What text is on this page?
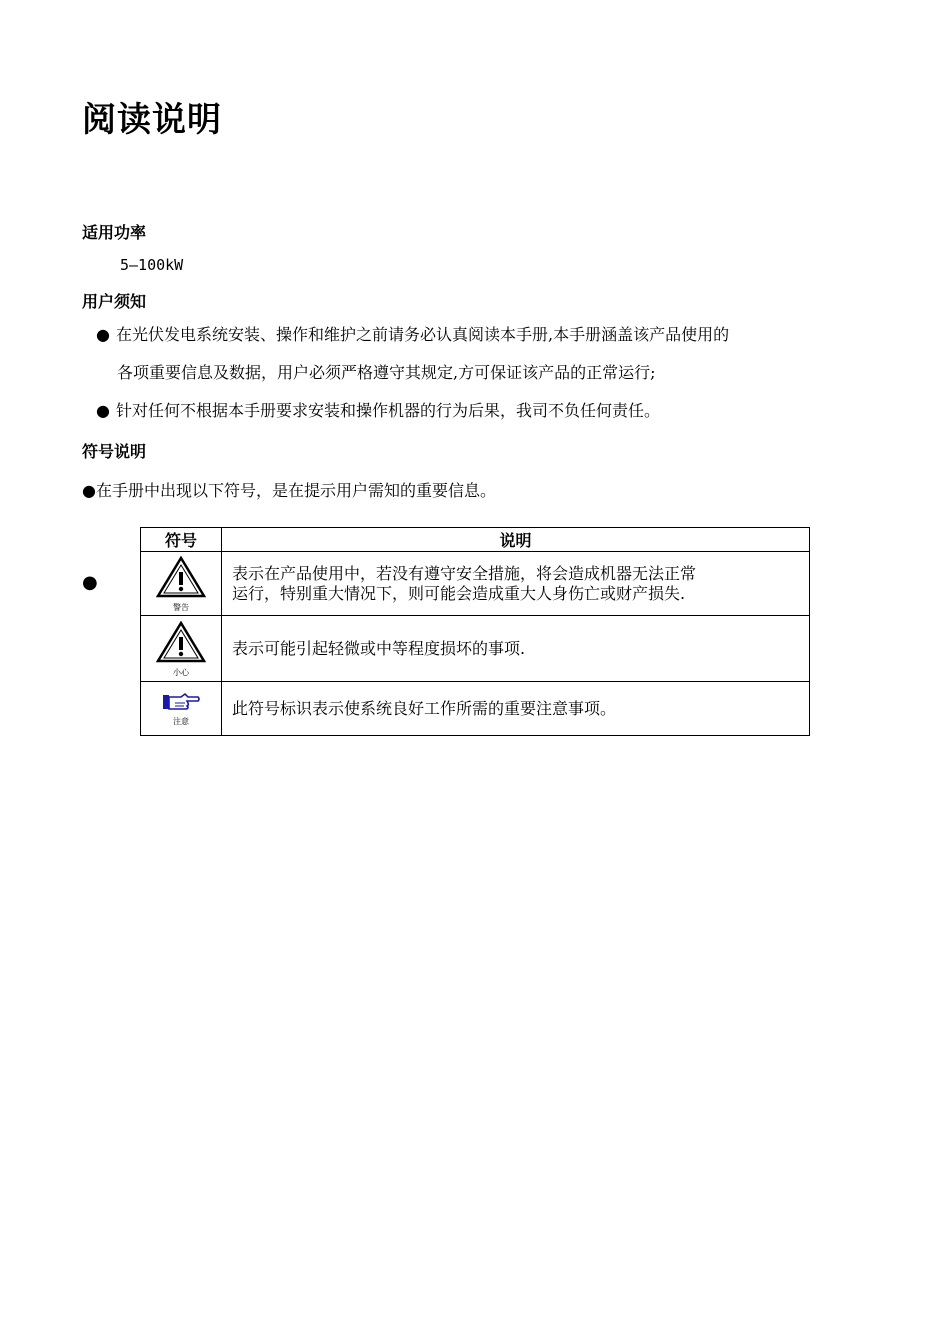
阅读说明
适用功率

5—100kW

用户须知
● 在光伏发电系统安装、操作和维护之前请务必认真阅读本手册,本手册涵盖该产品使用的
各项重要信息及数据，用户必须严格遵守其规定,方可保证该产品的正常运行;
● 针对任何不根据本手册要求安装和操作机器的行为后果，我司不负任何责任。
符号说明

●在手册中出现以下符号，是在提示用户需知的重要信息。

●
符号	说明

警告	表示在产品使用中，若没有遵守安全措施，将会造成机器无法正常
运行，特别重大情况下，则可能会造成重大人身伤亡或财产损失.

小心	表示可能引起轻微或中等程度损坏的事项.

注意	此符号标识表示使系统良好工作所需的重要注意事项。
